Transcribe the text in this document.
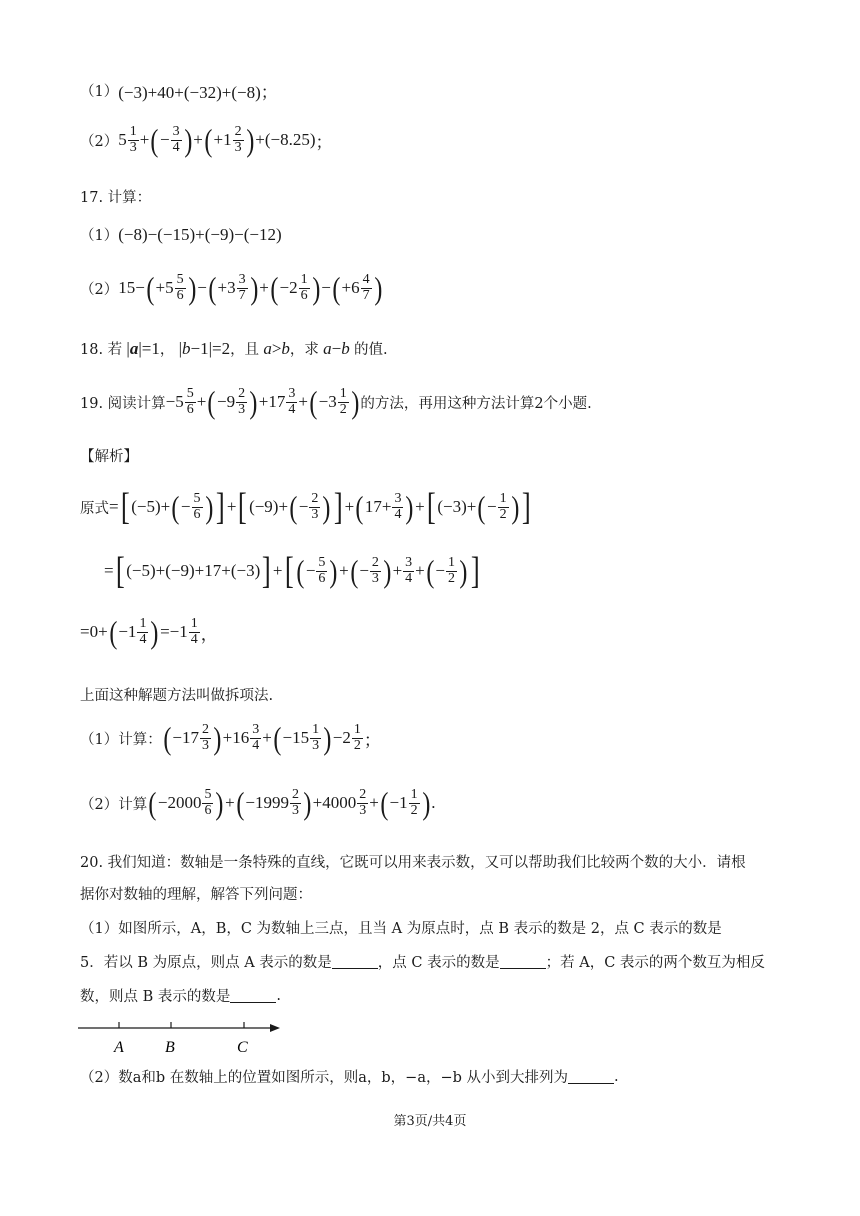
（1） (−3)+40+(−32)+(−8)；
（2） $5 \frac{1}{3}$ + ( − $\frac{3}{4}$ ) + ( $+1 \frac{2}{3}$ ) +(−8.25) ；
17. 计算：
（1） (−8)−(−15)+(−9)−(−12)
（2） 15− ( $+5 \frac{5}{6}$ ) − ( $+3 \frac{3}{7}$ ) + ( $-2 \frac{1}{6}$ ) − ( $+6 \frac{4}{7}$ )
18. 若 |a|=1 ， |b−1|=2 ，且 a>b ，求 a−b 的值.
19. 阅读计算 $-5 \frac{5}{6}$ + ( $-9 \frac{2}{3}$ ) $+17 \frac{3}{4}$ + ( $-3 \frac{1}{2}$ ) 的方法，再用这种方法计算2个小题.
【解析】
原式 = [ (−5)+ ( − $\frac{5}{6}$ ) ] + [ (−9)+ ( − $\frac{2}{3}$ ) ] + ( $17+ \frac{3}{4}$ ) + [ (−3)+ ( − $\frac{1}{2}$ ) ]
= [ (−5)+(−9)+17+(−3) ] + [ ( − $\frac{5}{6}$ ) + ( − $\frac{2}{3}$ ) + $\frac{3}{4}$ + ( − $\frac{1}{2}$ ) ]
=0+ ( $-1 \frac{1}{4}$ ) $=-1 \frac{1}{4}$ ，
上面这种解题方法叫做拆项法.
（1）计算： ( $-17 \frac{2}{3}$ ) $+16 \frac{3}{4}$ + ( $-15 \frac{1}{3}$ ) $-2 \frac{1}{2}$ ；
（2）计算 ( $-2000 \frac{5}{6}$ ) + ( $-1999 \frac{2}{3}$ ) $+4000 \frac{2}{3}$ + ( $-1 \frac{1}{2}$ ) .
20. 我们知道：数轴是一条特殊的直线，它既可以用来表示数，又可以帮助我们比较两个数的大小．请根
据你对数轴的理解，解答下列问题：
（1）如图所示，A，B，C 为数轴上三点，且当 A 为原点时，点 B 表示的数是 2，点 C 表示的数是
5．若以 B 为原点，则点 A 表示的数是	，点 C 表示的数是	；若 A，C 表示的两个数互为相反
数，则点 B 表示的数是	.
A	B	C
（2）数a和b 在数轴上的位置如图所示，则a，b，−a，−b 从小到大排列为	.
第3页/共4页
